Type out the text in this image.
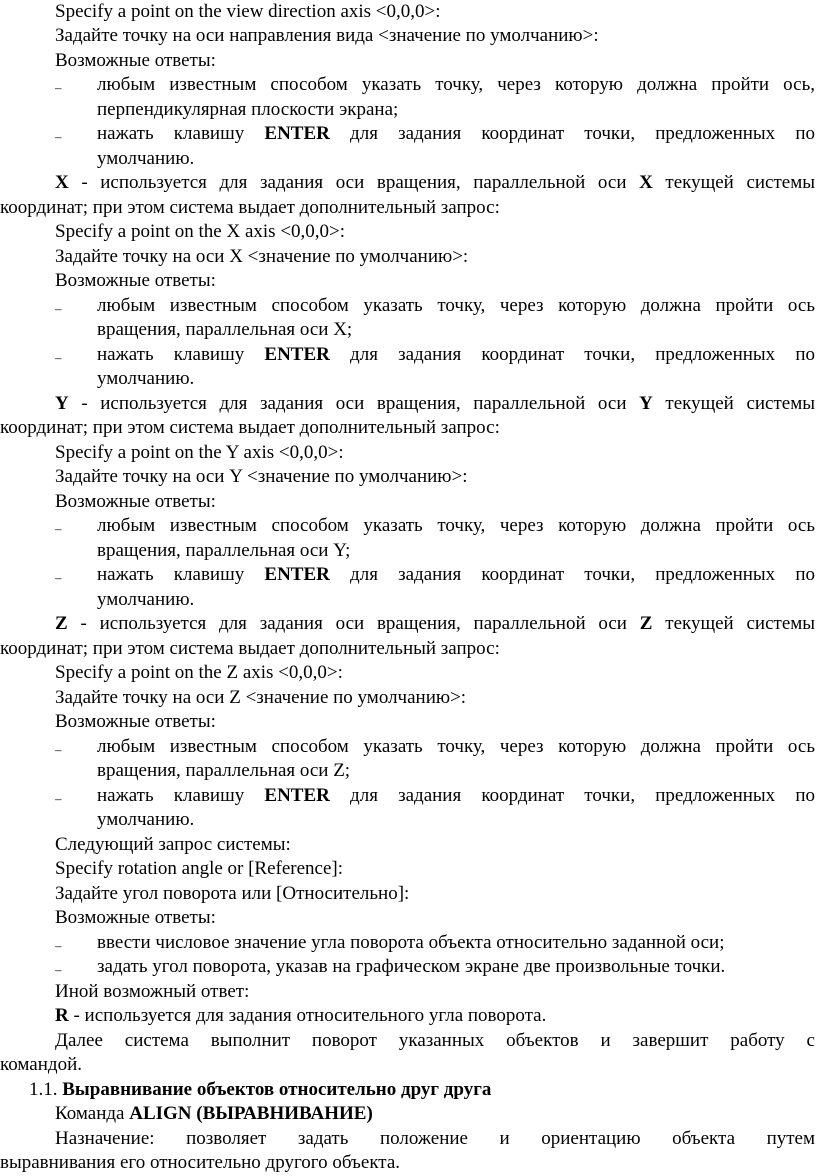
Specify a point on the view direction axis <0,0,0>:
Задайте точку на оси направления вида <значение по умолчанию>:
Возможные ответы:
– любым известным способом указать точку, через которую должна пройти ось,
перпендикулярная плоскости экрана;
– нажать клавишу ENTER для задания координат точки, предложенных по
умолчанию.
X - используется для задания оси вращения, параллельной оси X текущей системы
координат; при этом система выдает дополнительный запрос:
Specify a point on the X axis <0,0,0>:
Задайте точку на оси X <значение по умолчанию>:
Возможные ответы:
– любым известным способом указать точку, через которую должна пройти ось
вращения, параллельная оси X;
– нажать клавишу ENTER для задания координат точки, предложенных по
умолчанию.
Y - используется для задания оси вращения, параллельной оси Y текущей системы
координат; при этом система выдает дополнительный запрос:
Specify a point on the Y axis <0,0,0>:
Задайте точку на оси Y <значение по умолчанию>:
Возможные ответы:
– любым известным способом указать точку, через которую должна пройти ось
вращения, параллельная оси Y;
– нажать клавишу ENTER для задания координат точки, предложенных по
умолчанию.
Z - используется для задания оси вращения, параллельной оси Z текущей системы
координат; при этом система выдает дополнительный запрос:
Specify a point on the Z axis <0,0,0>:
Задайте точку на оси Z <значение по умолчанию>:
Возможные ответы:
– любым известным способом указать точку, через которую должна пройти ось
вращения, параллельная оси Z;
– нажать клавишу ENTER для задания координат точки, предложенных по
умолчанию.
Следующий запрос системы:
Specify rotation angle or [Reference]:
Задайте угол поворота или [Относительно]:
Возможные ответы:
– ввести числовое значение угла поворота объекта относительно заданной оси;
– задать угол поворота, указав на графическом экране две произвольные точки.
Иной возможный ответ:
R - используется для задания относительного угла поворота.
Далее система выполнит поворот указанных объектов и завершит работу с
командой.
1.1. Выравнивание объектов относительно друг друга
Команда ALIGN (ВЫРАВНИВАНИЕ)
Назначение: позволяет задать положение и ориентацию объекта путем
выравнивания его относительно другого объекта.
